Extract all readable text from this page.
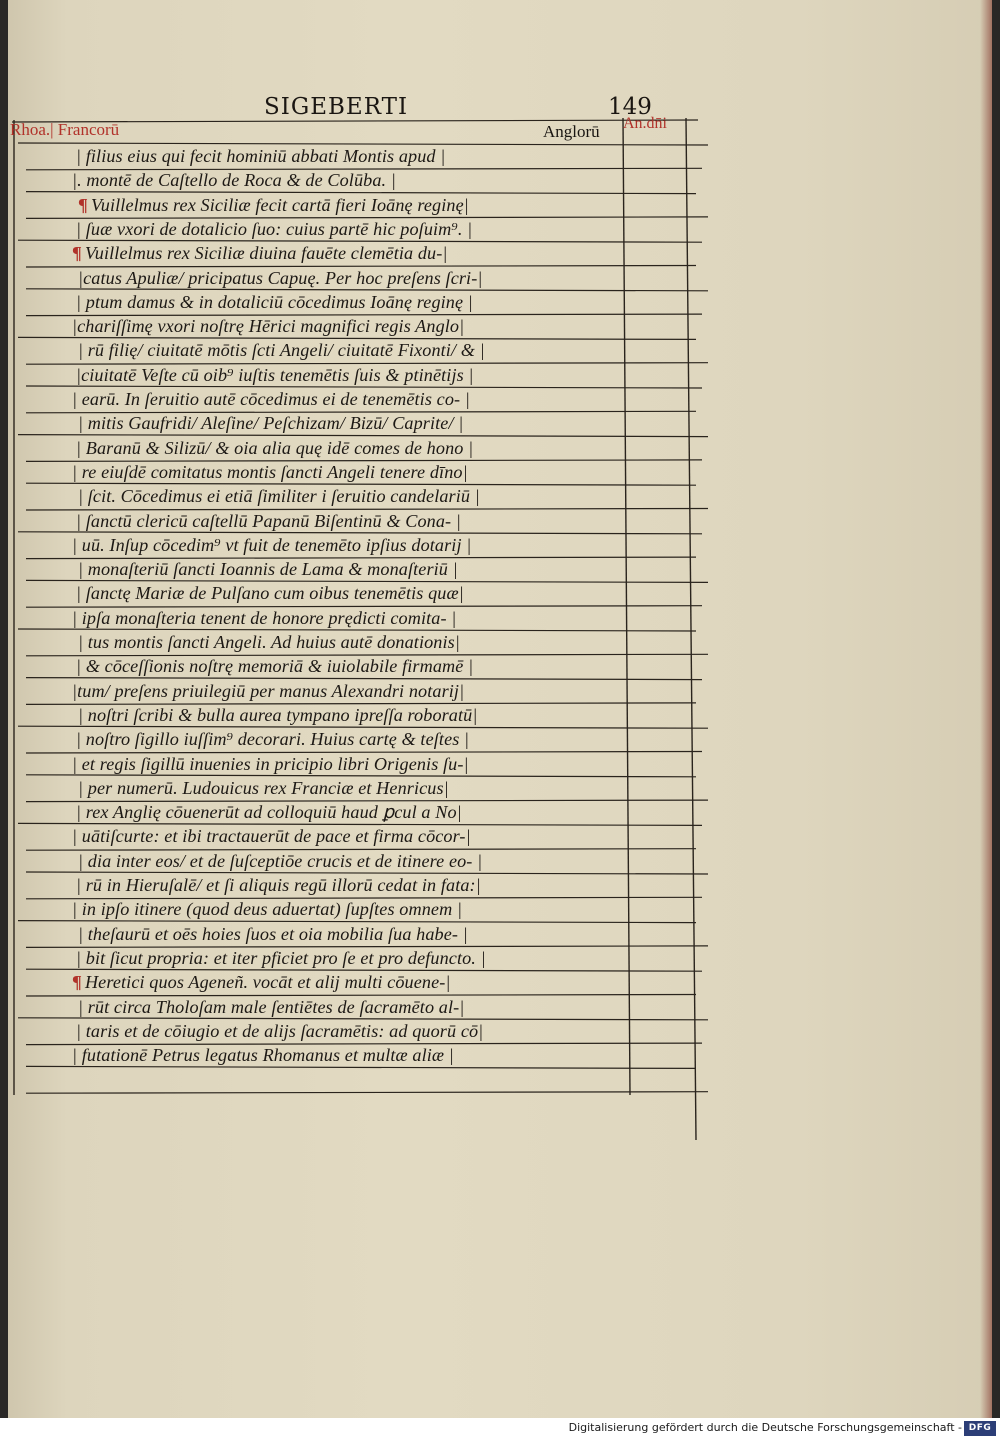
SIGEBERTI	149
Rhoa.| Francorū	Anglorū An.dn̄i
| filius eius qui fecit hominiū abbati Montis apud |
|. montē de Caſtello de Roca & de Colūba. |
¶ Vuillelmus rex Siciliæ fecit cartā fieri Ioānę reginę|
| ſuæ vxori de dotalicio ſuo: cuius partē hic poſuim⁹. |
¶ Vuillelmus rex Siciliæ diuina fauēte clemētia du-|
|catus Apuliæ/ pricipatus Capuę. Per hoc preſens ſcri-|
| ptum damus & in dotaliciū cōcedimus Ioānę reginę |
|chariſſimę vxori noſtrę Hērici magnifici regis Anglo|
| rū filię/ ciuitatē mōtis ſcti Angeli/ ciuitatē Fixonti/ & |
|ciuitatē Veſte cū oib⁹ iuſtis tenemētis ſuis & ptinētijs |
| earū. In ſeruitio autē cōcedimus ei de tenemētis co- |
| mitis Gaufridi/ Aleſine/ Peſchizam/ Bizū/ Caprite/ |
| Baranū & Silizū/ & oia alia quę idē comes de hono |
| re eiuſdē comitatus montis ſancti Angeli tenere dīno|
| ſcit. Cōcedimus ei etiā ſimiliter i ſeruitio candelariū |
| ſanctū clericū caſtellū Papanū Biſentinū & Cona- |
| uū. Inſup cōcedim⁹ vt fuit de tenemēto ipſius dotarij |
| monaſteriū ſancti Ioannis de Lama & monaſteriū |
| ſanctę Mariæ de Pulſano cum oibus tenemētis quæ|
| ipſa monaſteria tenent de honore prędicti comita- |
| tus montis ſancti Angeli. Ad huius autē donationis|
| & cōceſſionis noſtrę memoriā & iuiolabile firmamē |
|tum/ preſens priuilegiū per manus Alexandri notarij|
| noſtri ſcribi & bulla aurea tympano ipreſſa roboratū|
| noſtro ſigillo iuſſim⁹ decorari. Huius cartę & teſtes |
| et regis ſigillū inuenies in pricipio libri Origenis ſu-|
| per numerū. Ludouicus rex Franciæ et Henricus|
| rex Anglię cōuenerūt ad colloquiū haud ꝑcul a No|
| uātiſcurte: et ibi tractauerūt de pace et firma cōcor-|
| dia inter eos/ et de ſuſceptiōe crucis et de itinere eo- |
| rū in Hieruſalē/ et ſi aliquis regū illorū cedat in fata:|
| in ipſo itinere (quod deus aduertat) ſupſtes omnem |
| theſaurū et oēs hoies ſuos et oia mobilia ſua habe- |
| bit ſicut propria: et iter pficiet pro ſe et pro defuncto. |
¶ Heretici quos Ageneñ. vocāt et alij multi cōuene-|
| rūt circa Tholoſam male ſentiētes de ſacramēto al-|
| taris et de cōiugio et de alijs ſacramētis: ad quorū cō|
| futationē Petrus legatus Rhomanus et multæ aliæ |
Digitalisierung gefördert durch die Deutsche Forschungsgemeinschaft - DFG
